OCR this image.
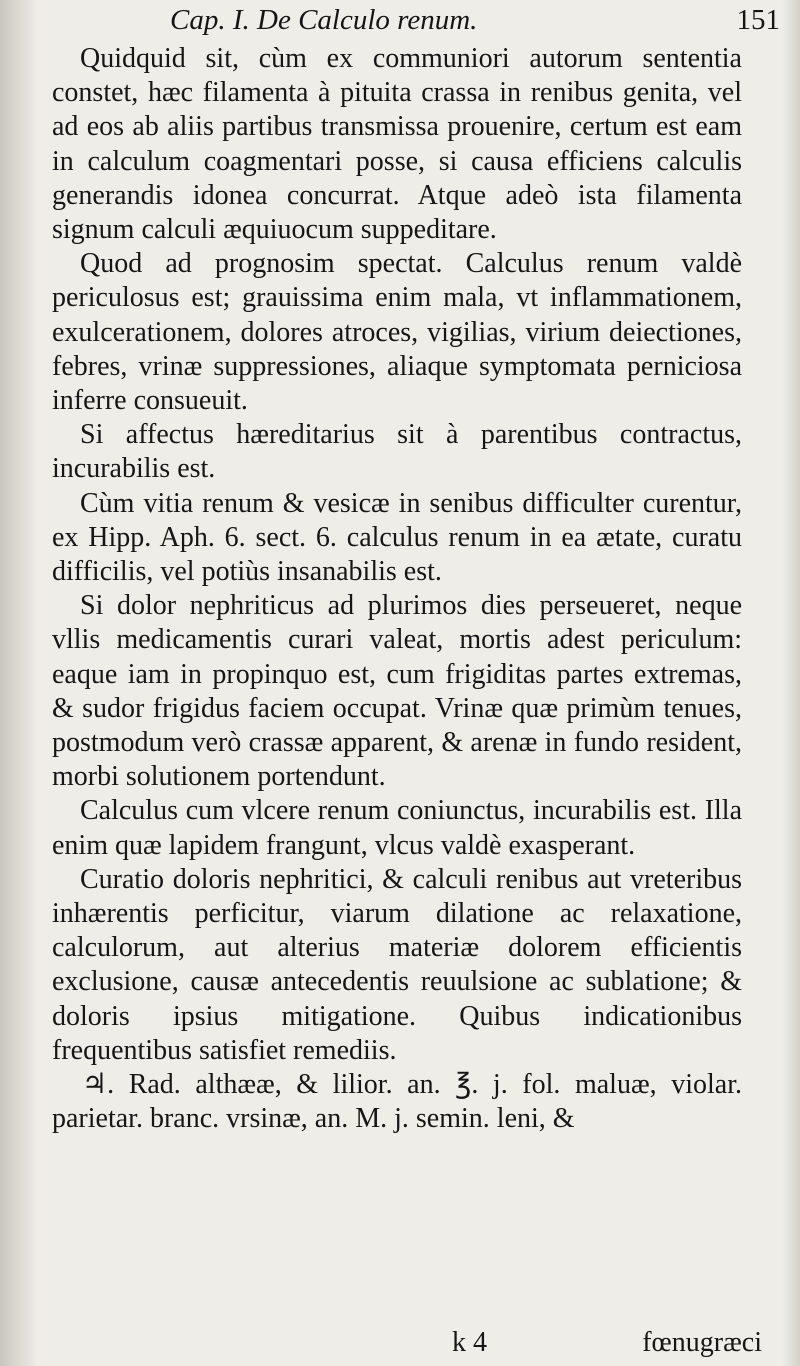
Cap. I. De Calculo renum.	151

Quidquid sit, cùm ex communiori autorum sententia constet, hæc filamenta à pituita crassa in renibus genita, vel ad eos ab aliis partibus transmissa prouenire, certum est eam in calculum coagmentari posse, si causa efficiens calculis generandis idonea concurrat. Atque adeò ista filamenta signum calculi æquiuocum suppeditare.

Quod ad prognosim spectat. Calculus renum valdè periculosus est; grauissima enim mala, vt inflammationem, exulcerationem, dolores atroces, vigilias, virium deiectiones, febres, vrinæ suppressiones, aliaque symptomata perniciosa inferre consueuit.

Si affectus hæreditarius sit à parentibus contractus, incurabilis est.

Cùm vitia renum & vesicæ in senibus difficulter curentur, ex Hipp. Aph. 6. sect. 6. calculus renum in ea ætate, curatu difficilis, vel potiùs insanabilis est.

Si dolor nephriticus ad plurimos dies perseueret, neque vllis medicamentis curari valeat, mortis adest periculum: eaque iam in propinquo est, cum frigiditas partes extremas, & sudor frigidus faciem occupat. Vrinæ quæ primùm tenues, postmodum verò crassæ apparent, & arenæ in fundo resident, morbi solutionem portendunt.

Calculus cum vlcere renum coniunctus, incurabilis est. Illa enim quæ lapidem frangunt, vlcus valdè exasperant.

Curatio doloris nephritici, & calculi renibus aut vreteribus inhærentis perficitur, viarum dilatione ac relaxatione, calculorum, aut alterius materiæ dolorem efficientis exclusione, causæ antecedentis reuulsione ac sublatione; & doloris ipsius mitigatione. Quibus indicationibus frequentibus satisfiet remediis.

♃. Rad. althææ, & lilior. an. ℥. j. fol. maluæ, violar. parietar. branc. vrsinæ, an. M. j. semin. leni, &

k 4	fœnugræci
